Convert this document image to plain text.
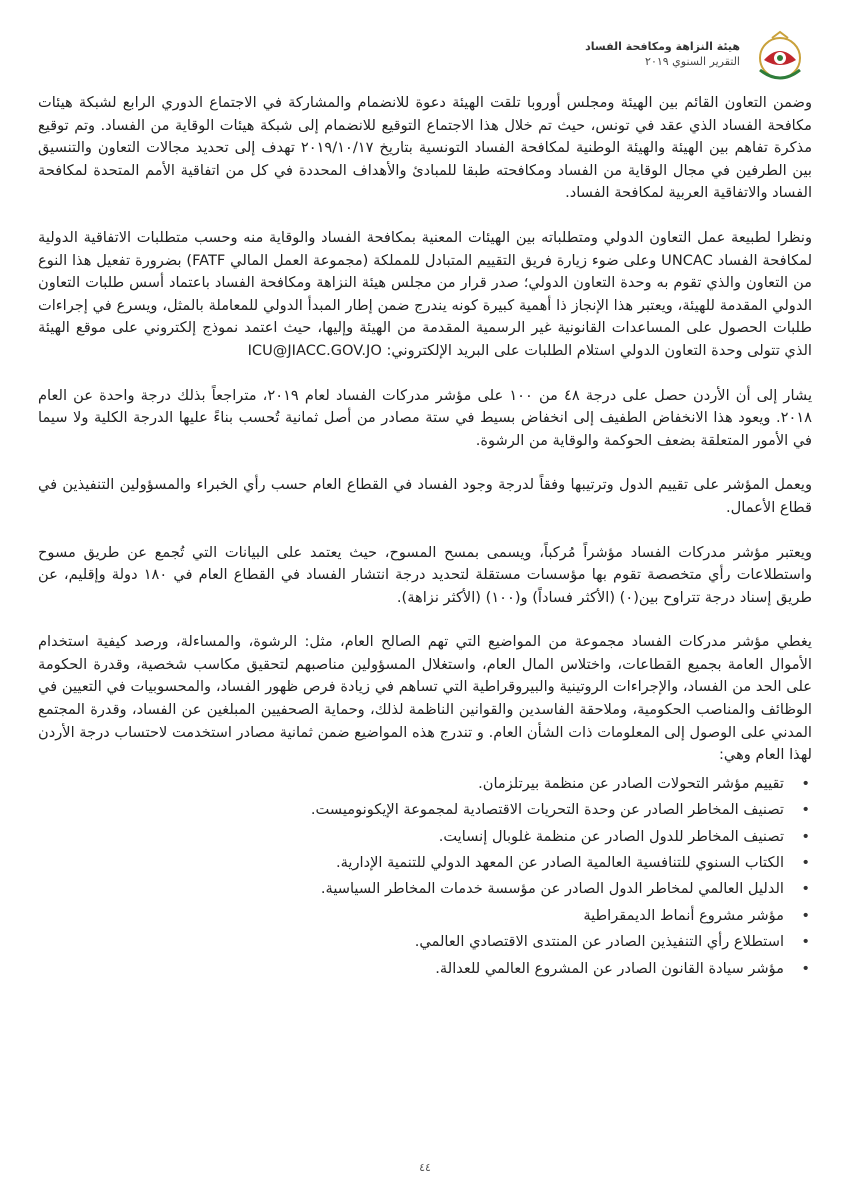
هيئة النزاهة ومكافحة الفساد
التقرير السنوي ٢٠١٩

وضمن التعاون القائم بين الهيئة ومجلس أوروبا تلقت الهيئة دعوة للانضمام والمشاركة في الاجتماع الدوري الرابع لشبكة هيئات مكافحة الفساد الذي عقد في تونس، حيث تم خلال هذا الاجتماع التوقيع للانضمام إلى شبكة هيئات الوقاية من الفساد. وتم توقيع مذكرة تفاهم بين الهيئة والهيئة الوطنية لمكافحة الفساد التونسية بتاريخ ٢٠١٩/١٠/١٧ تهدف إلى تحديد مجالات التعاون والتنسيق بين الطرفين في مجال الوقاية من الفساد ومكافحته طبقا للمبادئ والأهداف المحددة في كل من اتفاقية الأمم المتحدة لمكافحة الفساد والاتفاقية العربية لمكافحة الفساد.

ونظرا لطبيعة عمل التعاون الدولي ومتطلباته بين الهيئات المعنية بمكافحة الفساد والوقاية منه وحسب متطلبات الاتفاقية الدولية لمكافحة الفساد UNCAC وعلى ضوء زيارة فريق التقييم المتبادل للمملكة (مجموعة العمل المالي FATF) بضرورة تفعيل هذا النوع من التعاون والذي تقوم به وحدة التعاون الدولي؛ صدر قرار من مجلس هيئة النزاهة ومكافحة الفساد باعتماد أسس طلبات التعاون الدولي المقدمة للهيئة، ويعتبر هذا الإنجاز ذا أهمية كبيرة كونه يندرج ضمن إطار المبدأ الدولي للمعاملة بالمثل، ويسرع في إجراءات طلبات الحصول على المساعدات القانونية غير الرسمية المقدمة من الهيئة وإليها، حيث اعتمد نموذج إلكتروني على موقع الهيئة الذي تتولى وحدة التعاون الدولي استلام الطلبات على البريد الإلكتروني: ICU@JIACC.GOV.JO

يشار إلى أن الأردن حصل على درجة ٤٨ من ١٠٠ على مؤشر مدركات الفساد لعام ٢٠١٩، متراجعاً بذلك درجة واحدة عن العام ٢٠١٨. ويعود هذا الانخفاض الطفيف إلى انخفاض بسيط في ستة مصادر من أصل ثمانية تُحسب بناءً عليها الدرجة الكلية ولا سيما في الأمور المتعلقة بضعف الحوكمة والوقاية من الرشوة.

ويعمل المؤشر على تقييم الدول وترتيبها وفقاً لدرجة وجود الفساد في القطاع العام حسب رأي الخبراء والمسؤولين التنفيذين في قطاع الأعمال.

ويعتبر مؤشر مدركات الفساد مؤشراً مُركباً، ويسمى بمسح المسوح، حيث يعتمد على البيانات التي تُجمع عن طريق مسوح واستطلاعات رأي متخصصة تقوم بها مؤسسات مستقلة لتحديد درجة انتشار الفساد في القطاع العام في ١٨٠ دولة وإقليم، عن طريق إسناد درجة تتراوح بين(٠) (الأكثر فساداً) و(١٠٠) (الأكثر نزاهة).

يغطي مؤشر مدركات الفساد مجموعة من المواضيع التي تهم الصالح العام، مثل: الرشوة، والمساءلة، ورصد كيفية استخدام الأموال العامة بجميع القطاعات، واختلاس المال العام، واستغلال المسؤولين مناصبهم لتحقيق مكاسب شخصية، وقدرة الحكومة على الحد من الفساد، والإجراءات الروتينية والبيروقراطية التي تساهم في زيادة فرص ظهور الفساد، والمحسوبيات في التعيين في الوظائف والمناصب الحكومية، وملاحقة الفاسدين والقوانين الناظمة لذلك، وحماية الصحفيين المبلغين عن الفساد، وقدرة المجتمع المدني على الوصول إلى المعلومات ذات الشأن العام. و تندرج هذه المواضيع ضمن ثمانية مصادر استخدمت لاحتساب درجة الأردن لهذا العام وهي:

• تقييم مؤشر التحولات الصادر عن منظمة بيرتلزمان.
• تصنيف المخاطر الصادر عن وحدة التحريات الاقتصادية لمجموعة الإيكونوميست.
• تصنيف المخاطر للدول الصادر عن منظمة غلوبال إنسايت.
• الكتاب السنوي للتنافسية العالمية الصادر عن المعهد الدولي للتنمية الإدارية.
• الدليل العالمي لمخاطر الدول الصادر عن مؤسسة خدمات المخاطر السياسية.
• مؤشر مشروع أنماط الديمقراطية
• استطلاع رأي التنفيذين الصادر عن المنتدى الاقتصادي العالمي.
• مؤشر سيادة القانون الصادر عن المشروع العالمي للعدالة.
٤٤
